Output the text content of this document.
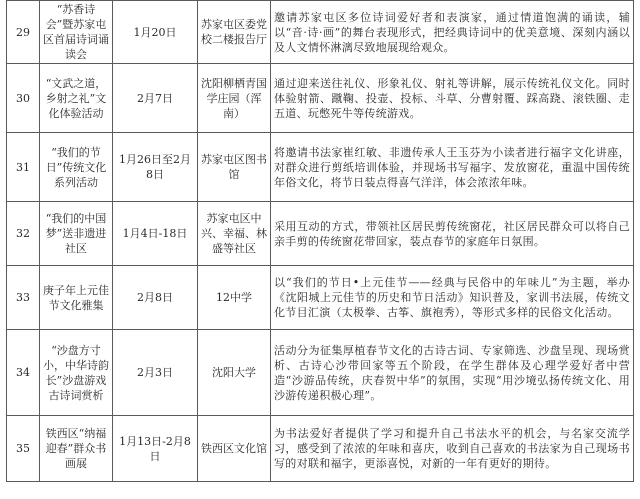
29	“苏香诗会”暨苏家屯区首届诗词诵读会	1月20日	苏家屯区委党校二楼报告厅	邀请苏家屯区多位诗词爱好者和表演家，通过情道饱满的诵读，辅以“音·诗·画”的舞台表现形式，把经典诗词中的优美意境、深刻内涵以及人文情怀淋漓尽致地展现给观众。
30	“文武之道，乡射之礼”文化体验活动	2月7日	沈阳柳栖青国学庄园（浑南）	通过迎来送往礼仪、形象礼仪、射礼等讲解，展示传统礼仪文化。同时体验射箭、蹴鞠、投壶、投标、斗草、分曹射覆、踩高跷、滚铁圈、走五道、玩憋死牛等传统游戏。
31	“我们的节日”传统文化系列活动	1月26日至2月8日	苏家屯区图书馆	将邀请书法家崔红敏、非遗传承人王玉芬为小读者进行福字文化讲座，对群众进行剪纸培训体验，并现场书写福字、发放窗花，重温中国传统年俗文化，将节日装点得喜气洋洋，体会浓浓年味。
32	“我们的中国梦”送非遗进社区	1月4日-18日	苏家屯区中兴、幸福、林盛等社区	采用互动的方式，带领社区居民剪传统窗花，社区居民群众可以将自己亲手剪的传统窗花带回家，装点春节的家庭年日氛围。
33	庚子年上元佳节文化雅集	2月8日	12中学	以“我们的节日•上元佳节——经典与民俗中的年味儿”为主题，举办《沈阳城上元佳节的历史和节日活动》知识普及，家训书法展，传统文化节目汇演（太极拳、古筝、旗袍秀），等形式多样的民俗文化活动。
34	“沙盘方寸小，中华诗韵长”沙盘游戏古诗词赏析	2月3日	沈阳大学	活动分为征集厚植春节文化的古诗古词、专家筛选、沙盘呈现、现场赏析、古诗心沙带回家等五个阶段，在学生群体及心理学爱好者中营造“沙游品传统，庆春贺中华”的氛围，实现“用沙境弘扬传统文化、用沙游传递积极心理”。
35	铁西区“纳福迎春”群众书画展	1月13日-2月8日	铁西区文化馆	为书法爱好者提供了学习和提升自己书法水平的机会，与名家交流学习，感受到了浓浓的年味和喜庆，收到自己喜欢的书法家为自己现场书写的对联和福字，更添喜悦，对新的一年有更好的期待。
